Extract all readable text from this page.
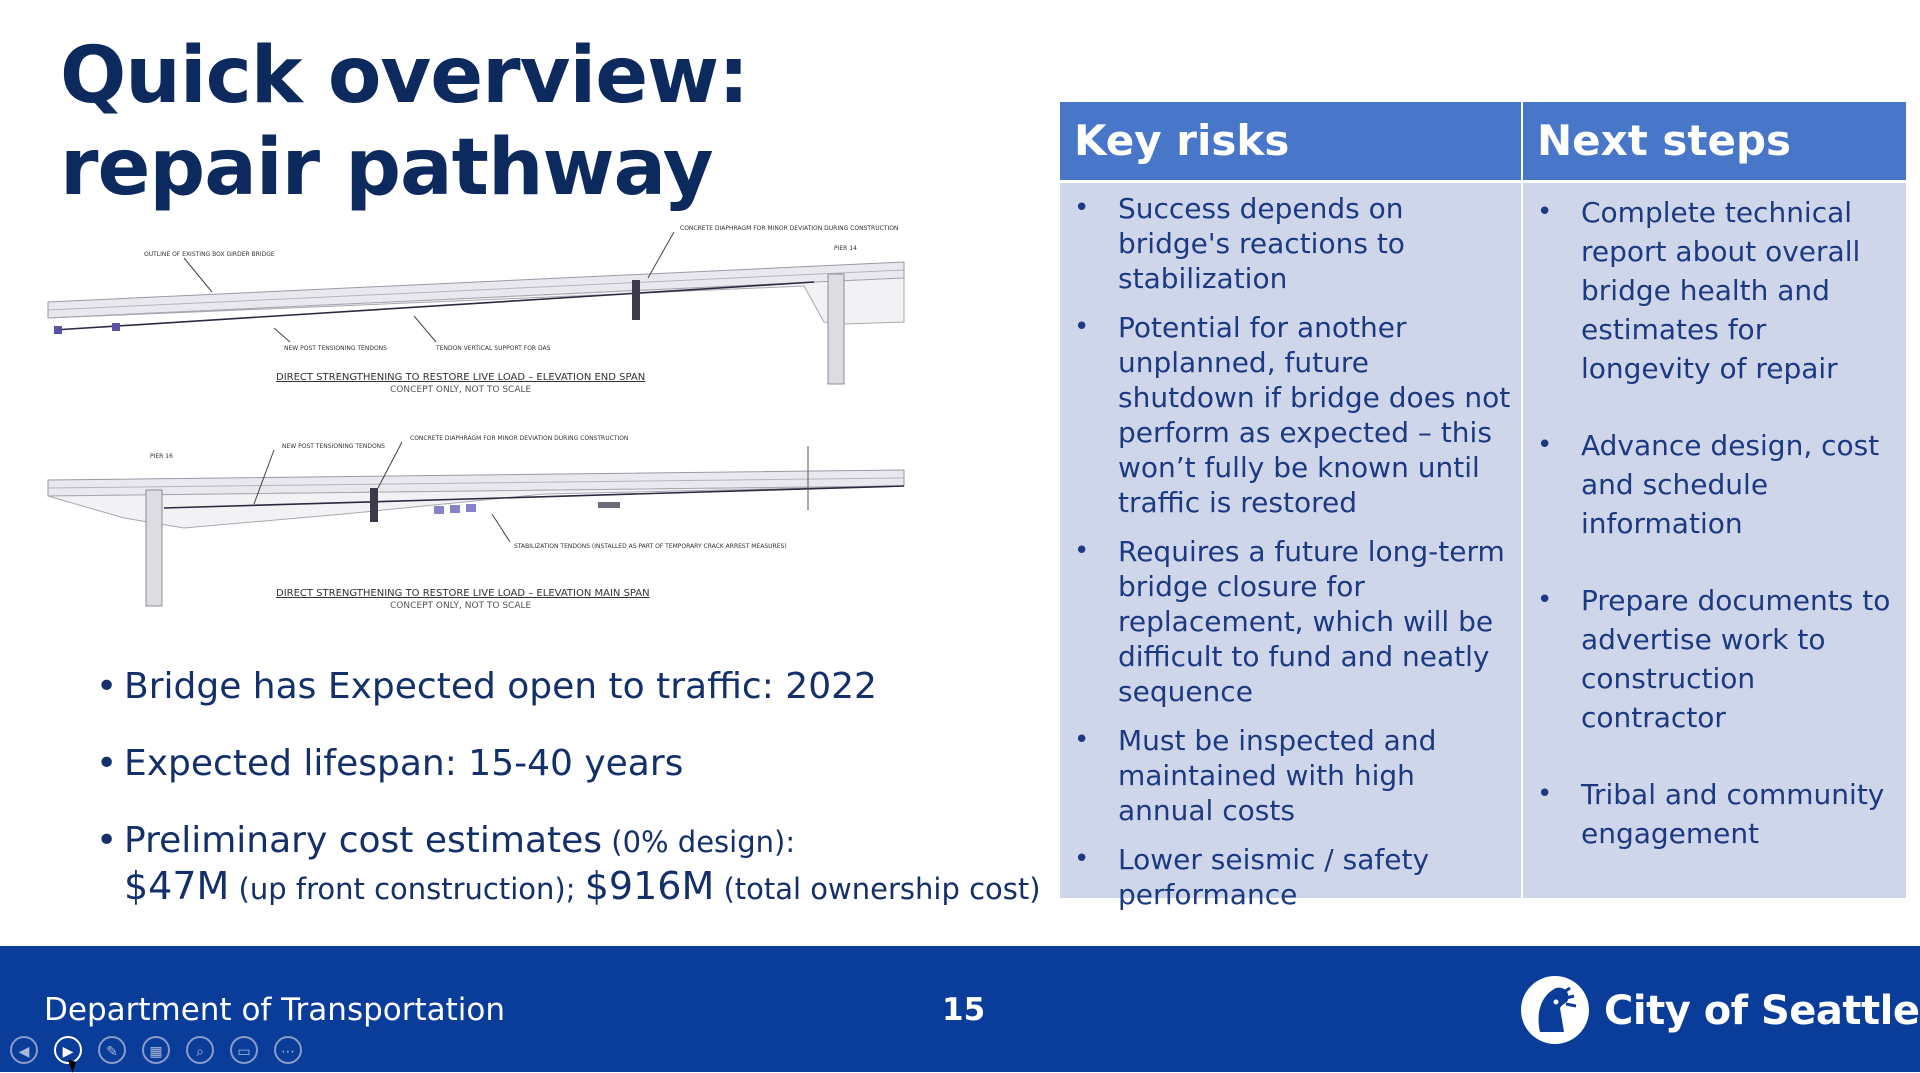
Quick overview: repair pathway
OUTLINE OF EXISTING BOX GIRDER BRIDGE
CONCRETE DIAPHRAGM FOR MINOR DEVIATION DURING CONSTRUCTION
PIER 14
NEW POST TENSIONING TENDONS	TENDON VERTICAL SUPPORT FOR DAS
DIRECT STRENGTHENING TO RESTORE LIVE LOAD – ELEVATION END SPAN
CONCEPT ONLY, NOT TO SCALE
PIER 16
NEW POST TENSIONING TENDONS
CONCRETE DIAPHRAGM FOR MINOR DEVIATION DURING CONSTRUCTION
STABILIZATION TENDONS (INSTALLED AS PART OF TEMPORARY CRACK ARREST MEASURES)
DIRECT STRENGTHENING TO RESTORE LIVE LOAD – ELEVATION MAIN SPAN
CONCEPT ONLY, NOT TO SCALE
• Bridge has Expected open to traffic: 2022
• Expected lifespan: 15-40 years
• Preliminary cost estimates (0% design):
$47M (up front construction); $916M (total ownership cost)
Key risks
• Success depends on bridge's reactions to stabilization
• Potential for another unplanned, future shutdown if bridge does not perform as expected – this won’t fully be known until traffic is restored
• Requires a future long-term bridge closure for replacement, which will be difficult to fund and neatly sequence
• Must be inspected and maintained with high annual costs
• Lower seismic / safety performance
Next steps
• Complete technical report about overall bridge health and estimates for longevity of repair
• Advance design, cost and schedule information
• Prepare documents to advertise work to construction contractor
• Tribal and community engagement
Department of Transportation	15	City of Seattle
◀	▶	✎	▦	⌕	▭	⋯
